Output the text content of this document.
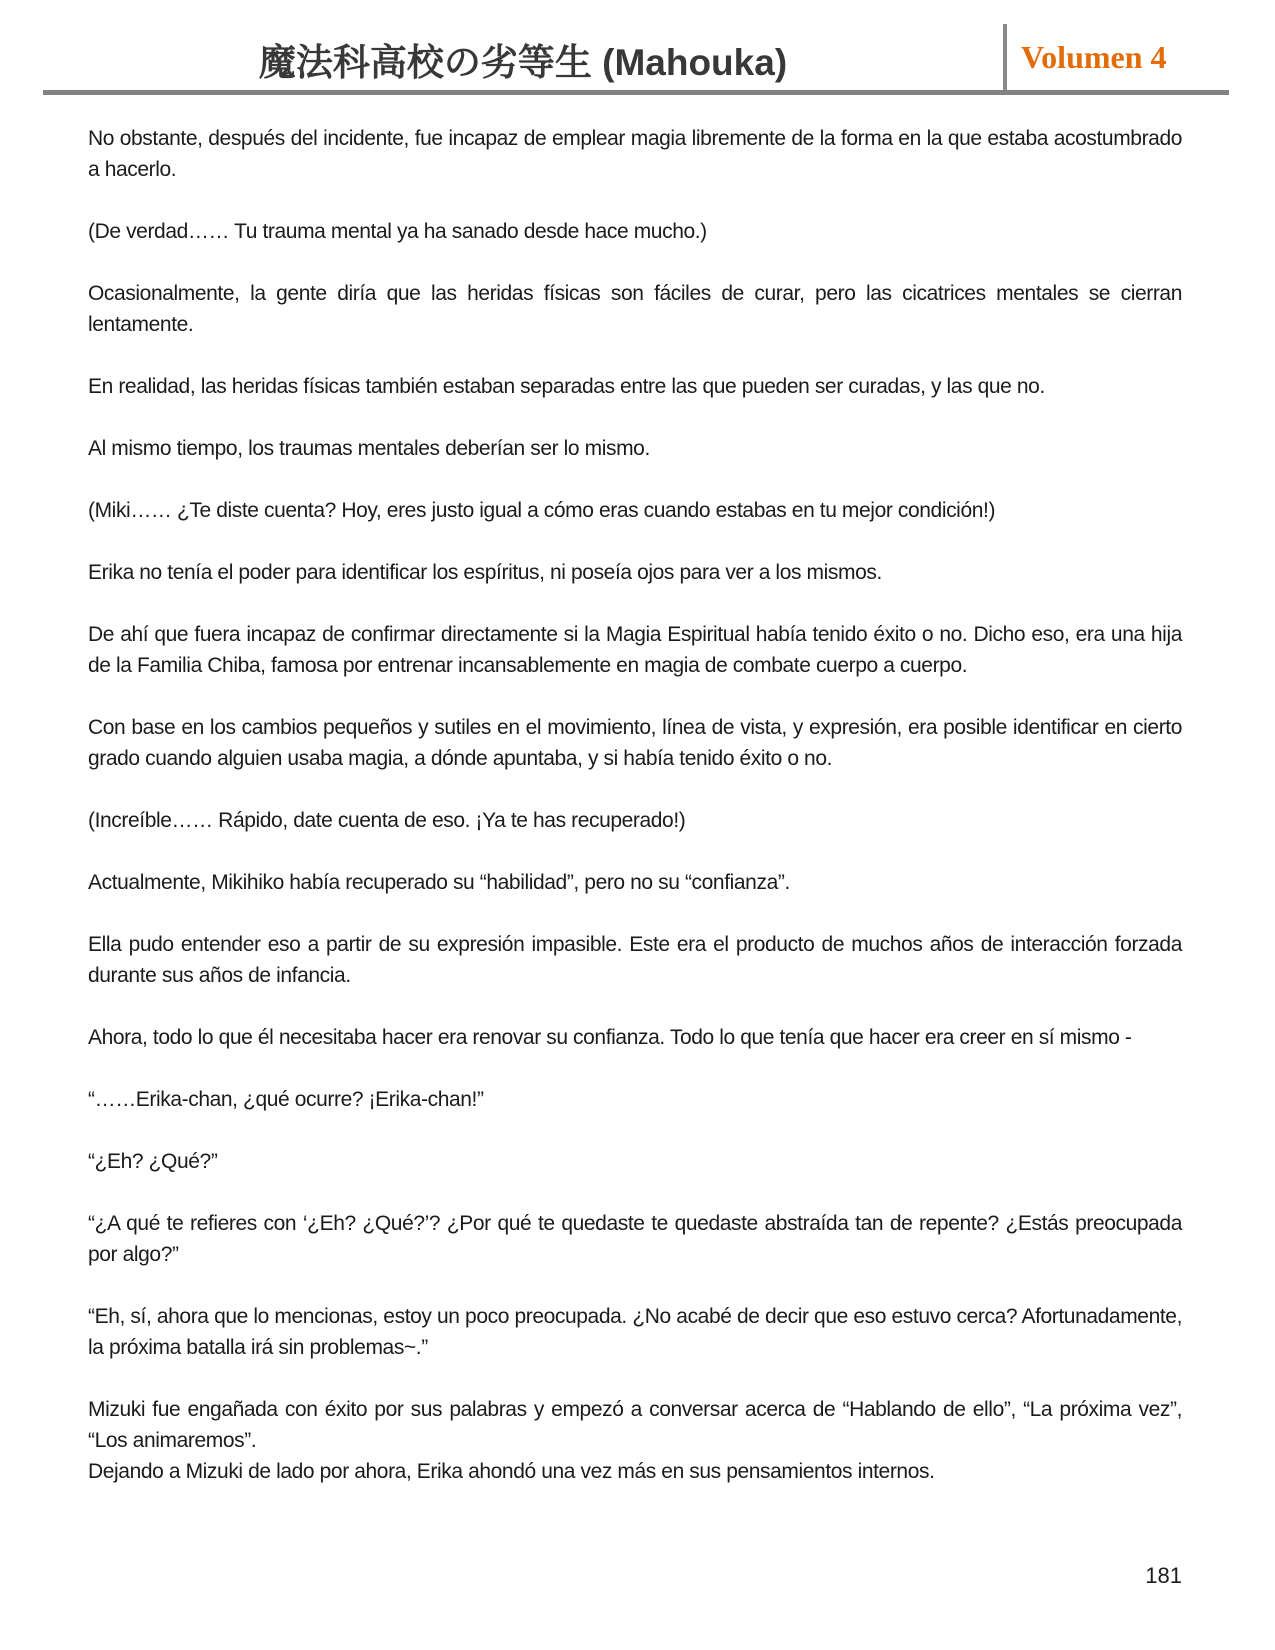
魔法科高校の劣等生 (Mahouka)	Volumen 4

No obstante, después del incidente, fue incapaz de emplear magia libremente de la forma en la que estaba acostumbrado a hacerlo.

(De verdad…… Tu trauma mental ya ha sanado desde hace mucho.)

Ocasionalmente, la gente diría que las heridas físicas son fáciles de curar, pero las cicatrices mentales se cierran lentamente.

En realidad, las heridas físicas también estaban separadas entre las que pueden ser curadas, y las que no.

Al mismo tiempo, los traumas mentales deberían ser lo mismo.

(Miki…… ¿Te diste cuenta? Hoy, eres justo igual a cómo eras cuando estabas en tu mejor condición!)

Erika no tenía el poder para identificar los espíritus, ni poseía ojos para ver a los mismos.

De ahí que fuera incapaz de confirmar directamente si la Magia Espiritual había tenido éxito o no. Dicho eso, era una hija de la Familia Chiba, famosa por entrenar incansablemente en magia de combate cuerpo a cuerpo.

Con base en los cambios pequeños y sutiles en el movimiento, línea de vista, y expresión, era posible identificar en cierto grado cuando alguien usaba magia, a dónde apuntaba, y si había tenido éxito o no.

(Increíble…… Rápido, date cuenta de eso. ¡Ya te has recuperado!)

Actualmente, Mikihiko había recuperado su “habilidad”, pero no su “confianza”.

Ella pudo entender eso a partir de su expresión impasible. Este era el producto de muchos años de interacción forzada durante sus años de infancia.

Ahora, todo lo que él necesitaba hacer era renovar su confianza. Todo lo que tenía que hacer era creer en sí mismo -

“……Erika-chan, ¿qué ocurre? ¡Erika-chan!”

“¿Eh? ¿Qué?”

“¿A qué te refieres con ‘¿Eh? ¿Qué?’? ¿Por qué te quedaste te quedaste abstraída tan de repente? ¿Estás preocupada por algo?”

“Eh, sí, ahora que lo mencionas, estoy un poco preocupada. ¿No acabé de decir que eso estuvo cerca? Afortunadamente, la próxima batalla irá sin problemas~.”

Mizuki fue engañada con éxito por sus palabras y empezó a conversar acerca de “Hablando de ello”, “La próxima vez”, “Los animaremos”.

Dejando a Mizuki de lado por ahora, Erika ahondó una vez más en sus pensamientos internos.

181
